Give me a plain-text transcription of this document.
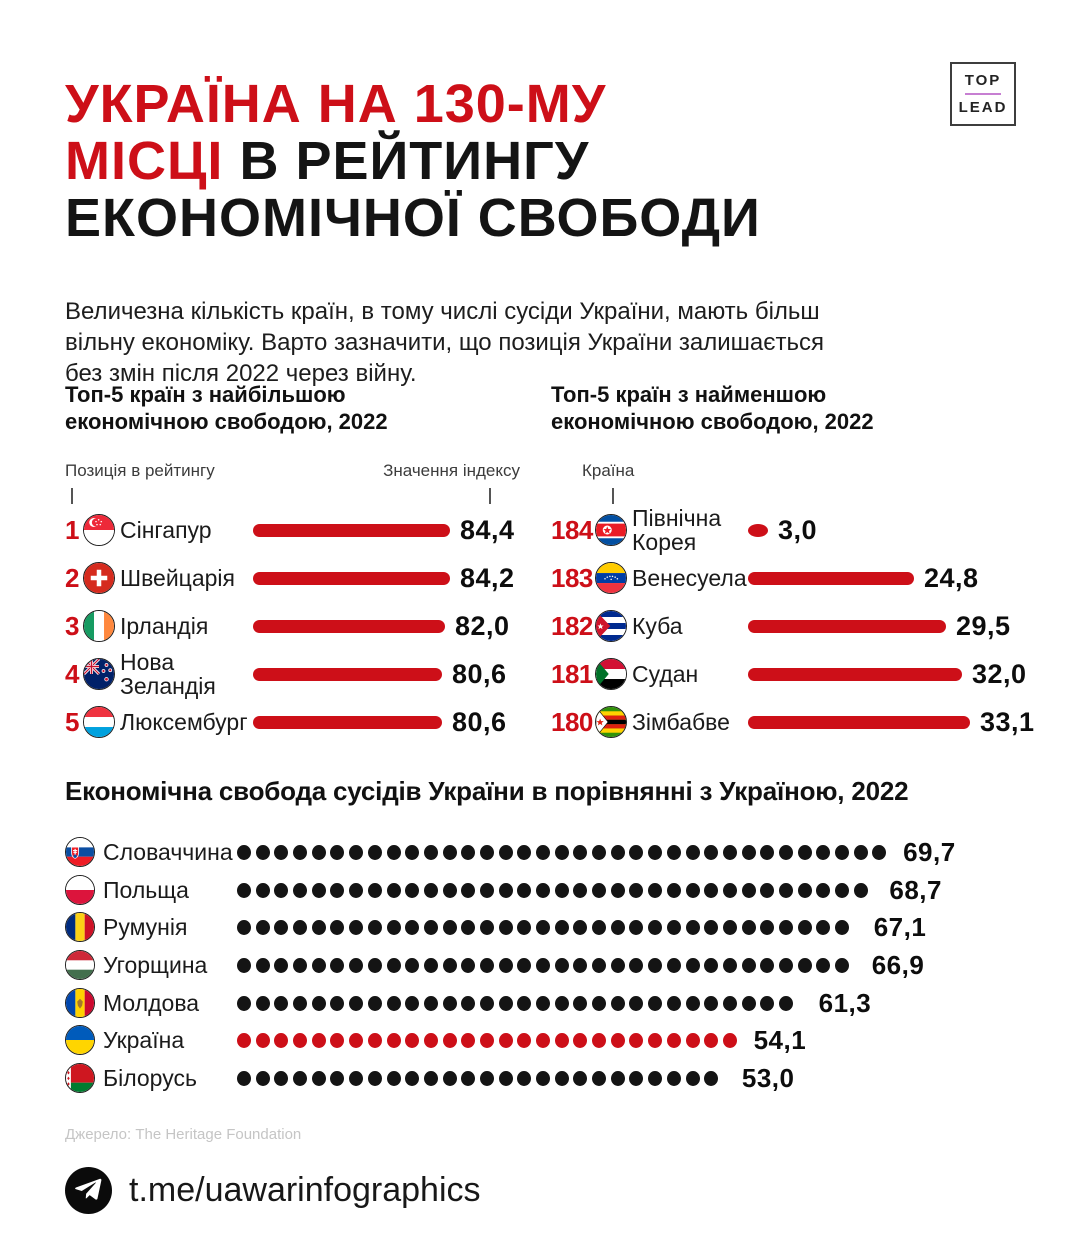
УКРАЇНА НА 130-МУ
МІСЦІ В РЕЙТИНГУ
ЕКОНОМІЧНОЇ СВОБОДИ
TOP
LEAD

Величезна кількість країн, в тому числі сусіди України, мають більш вільну економіку. Варто зазначити, що позиція України залишається без змін після 2022 через війну.

Топ-5 країн з найбільшою
економічною свободою, 2022
Топ-5 країн з найменшою
економічною свободою, 2022
Позиція в рейтингу	Значення індексу	Країна
1 Сінгапур	84,4
2 Швейцарія	84,2
3 Ірландія	82,0
4 Нова Зеландія	80,6
5 Люксембург	80,6
184 Північна Корея	3,0
183 Венесуела	24,8
182 Куба	29,5
181 Судан	32,0
180 Зімбабве	33,1
Економічна свобода сусідів України в порівнянні з Україною, 2022
Словаччина	69,7
Польща	68,7
Румунія	67,1
Угорщина	66,9
Молдова	61,3
Україна	54,1
Білорусь	53,0
Джерело: The Heritage Foundation
t.me/uawarinfographics
